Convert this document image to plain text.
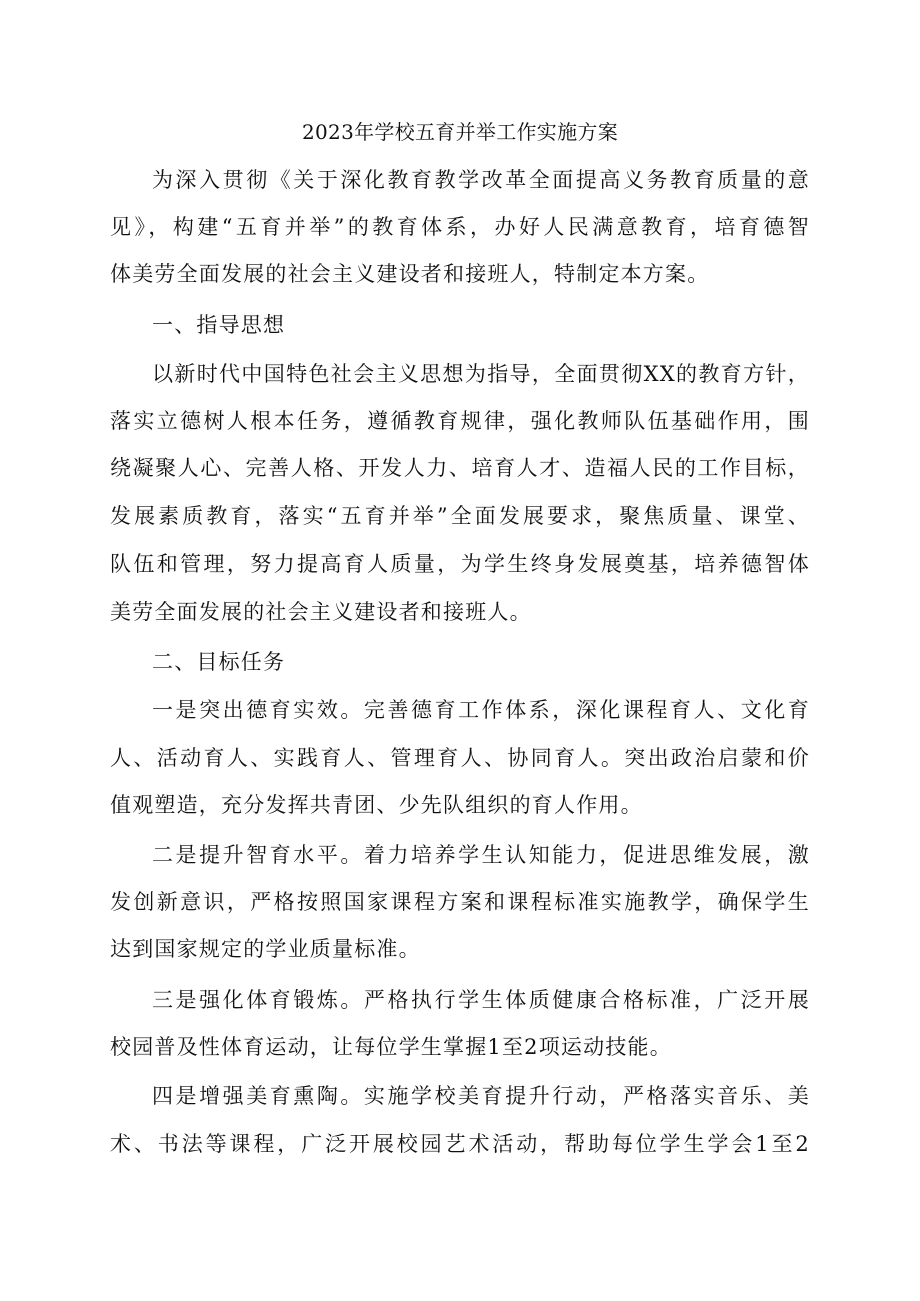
2023年学校五育并举工作实施方案
为深入贯彻《关于深化教育教学改革全面提高义务教育质量的意
见》，构建“五育并举”的教育体系，办好人民满意教育，培育德智
体美劳全面发展的社会主义建设者和接班人，特制定本方案。
一、指导思想
以新时代中国特色社会主义思想为指导，全面贯彻XX的教育方针，
落实立德树人根本任务，遵循教育规律，强化教师队伍基础作用，围
绕凝聚人心、完善人格、开发人力、培育人才、造福人民的工作目标，
发展素质教育，落实“五育并举”全面发展要求，聚焦质量、课堂、
队伍和管理，努力提高育人质量，为学生终身发展奠基，培养德智体
美劳全面发展的社会主义建设者和接班人。
二、目标任务
一是突出德育实效。完善德育工作体系，深化课程育人、文化育
人、活动育人、实践育人、管理育人、协同育人。突出政治启蒙和价
值观塑造，充分发挥共青团、少先队组织的育人作用。
二是提升智育水平。着力培养学生认知能力，促进思维发展，激
发创新意识，严格按照国家课程方案和课程标准实施教学，确保学生
达到国家规定的学业质量标准。
三是强化体育锻炼。严格执行学生体质健康合格标准，广泛开展
校园普及性体育运动，让每位学生掌握1至2项运动技能。
四是增强美育熏陶。实施学校美育提升行动，严格落实音乐、美
术、书法等课程，广泛开展校园艺术活动，帮助每位学生学会1至2
